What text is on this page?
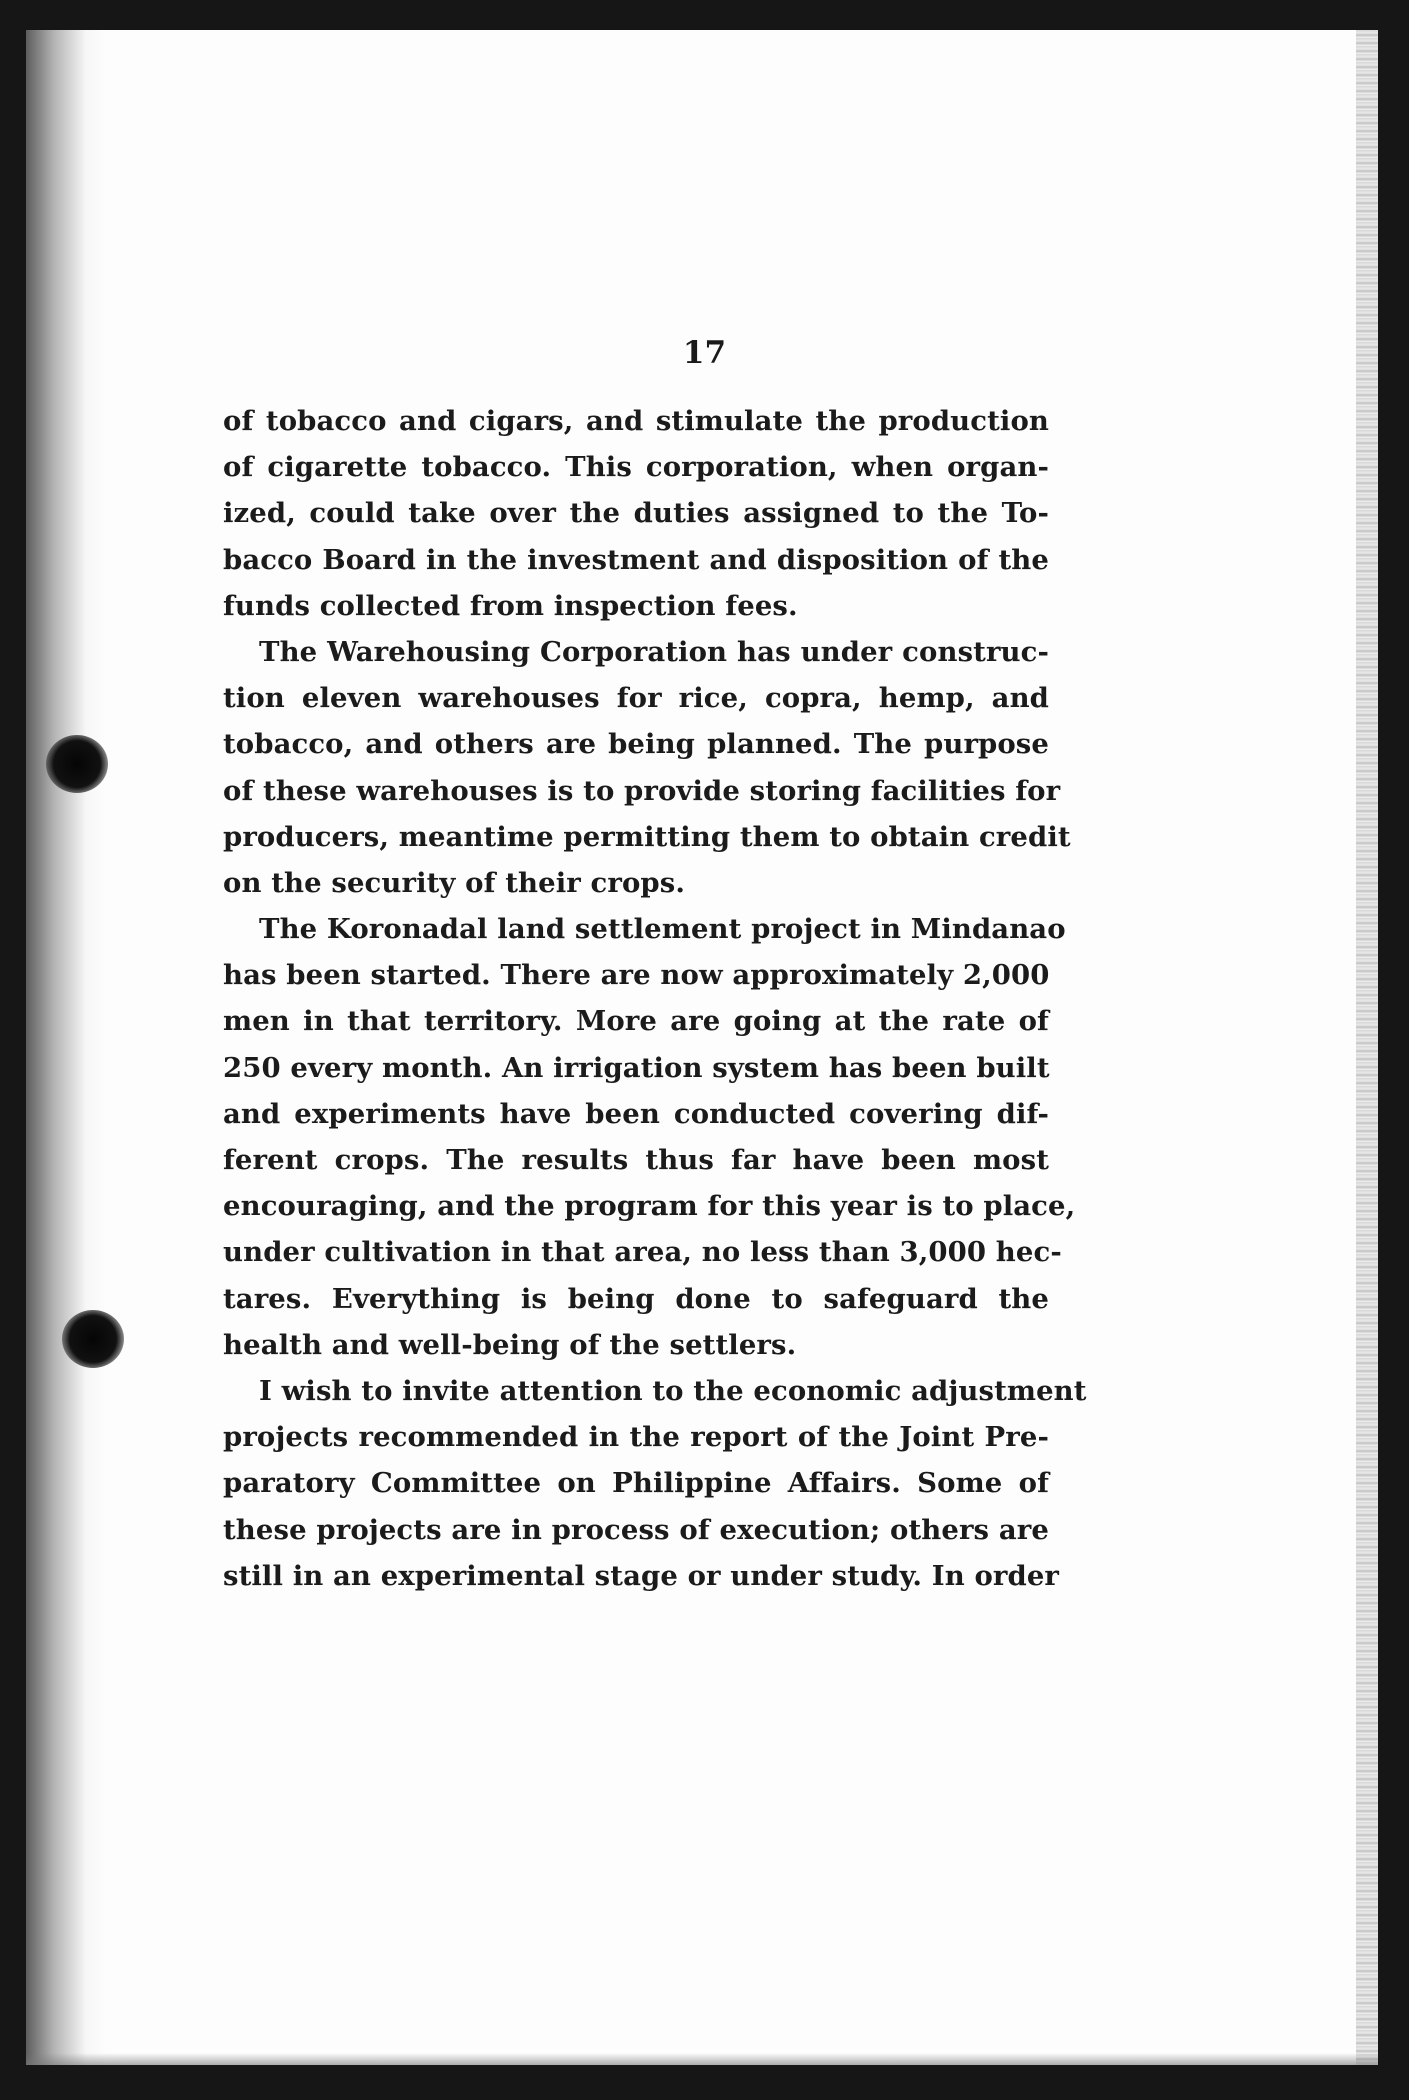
17
of tobacco and cigars, and stimulate the production
of cigarette tobacco. This corporation, when organ-
ized, could take over the duties assigned to the To-
bacco Board in the investment and disposition of the
funds collected from inspection fees.
The Warehousing Corporation has under construc-
tion eleven warehouses for rice, copra, hemp, and
tobacco, and others are being planned. The purpose
of these warehouses is to provide storing facilities for
producers, meantime permitting them to obtain credit
on the security of their crops.
The Koronadal land settlement project in Mindanao
has been started. There are now approximately 2,000
men in that territory. More are going at the rate of
250 every month. An irrigation system has been built
and experiments have been conducted covering dif-
ferent crops. The results thus far have been most
encouraging, and the program for this year is to place,
under cultivation in that area, no less than 3,000 hec-
tares. Everything is being done to safeguard the
health and well-being of the settlers.
I wish to invite attention to the economic adjustment
projects recommended in the report of the Joint Pre-
paratory Committee on Philippine Affairs. Some of
these projects are in process of execution; others are
still in an experimental stage or under study. In order
